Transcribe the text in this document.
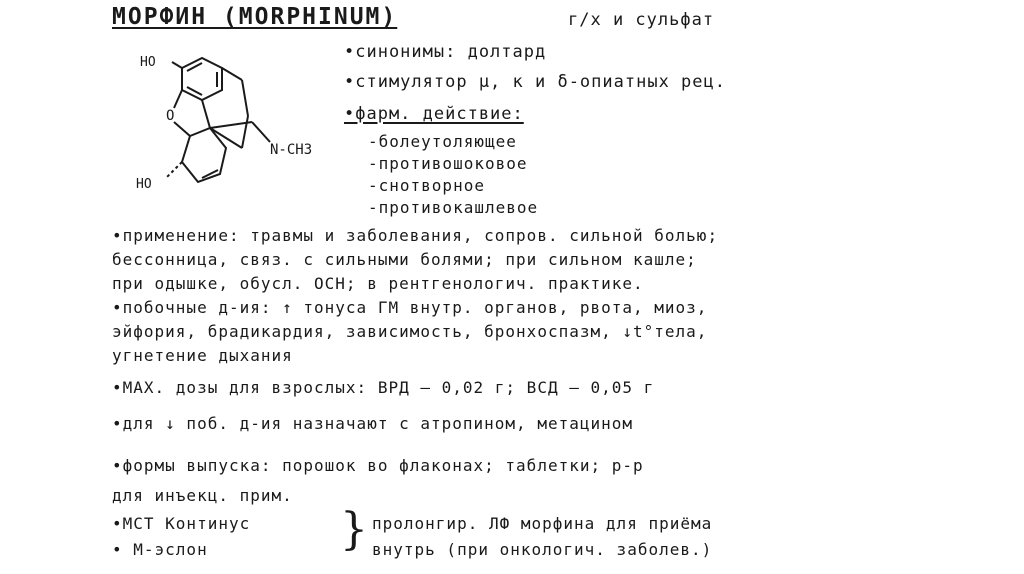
МОРФИН (MORPHINUM)	г/х и сульфат
HO
O
N-CH3
HO
•синонимы: долтард
•стимулятор μ, κ и δ-опиатных рец.
•фарм. действие:
-болеутоляющее
-противошоковое
-снотворное
-противокашлевое
•применение: травмы и заболевания, сопров. сильной болью;
бессонница, связ. с сильными болями; при сильном кашле;
при одышке, обусл. ОСН; в рентгенологич. практике.
•побочные д-ия: ↑ тонуса ГМ внутр. органов, рвота, миоз,
эйфория, брадикардия, зависимость, бронхоспазм, ↓t°тела,
угнетение дыхания
•MAX. дозы для взрослых: ВРД – 0,02 г; ВСД – 0,05 г
•для ↓ поб. д-ия назначают с атропином, метацином
•формы выпуска: порошок во флаконах; таблетки; р-р
для инъекц. прим.
•МСТ Континус
• М-эслон	} пролонгир. ЛФ морфина для приёма
внутрь (при онкологич. заболев.)
